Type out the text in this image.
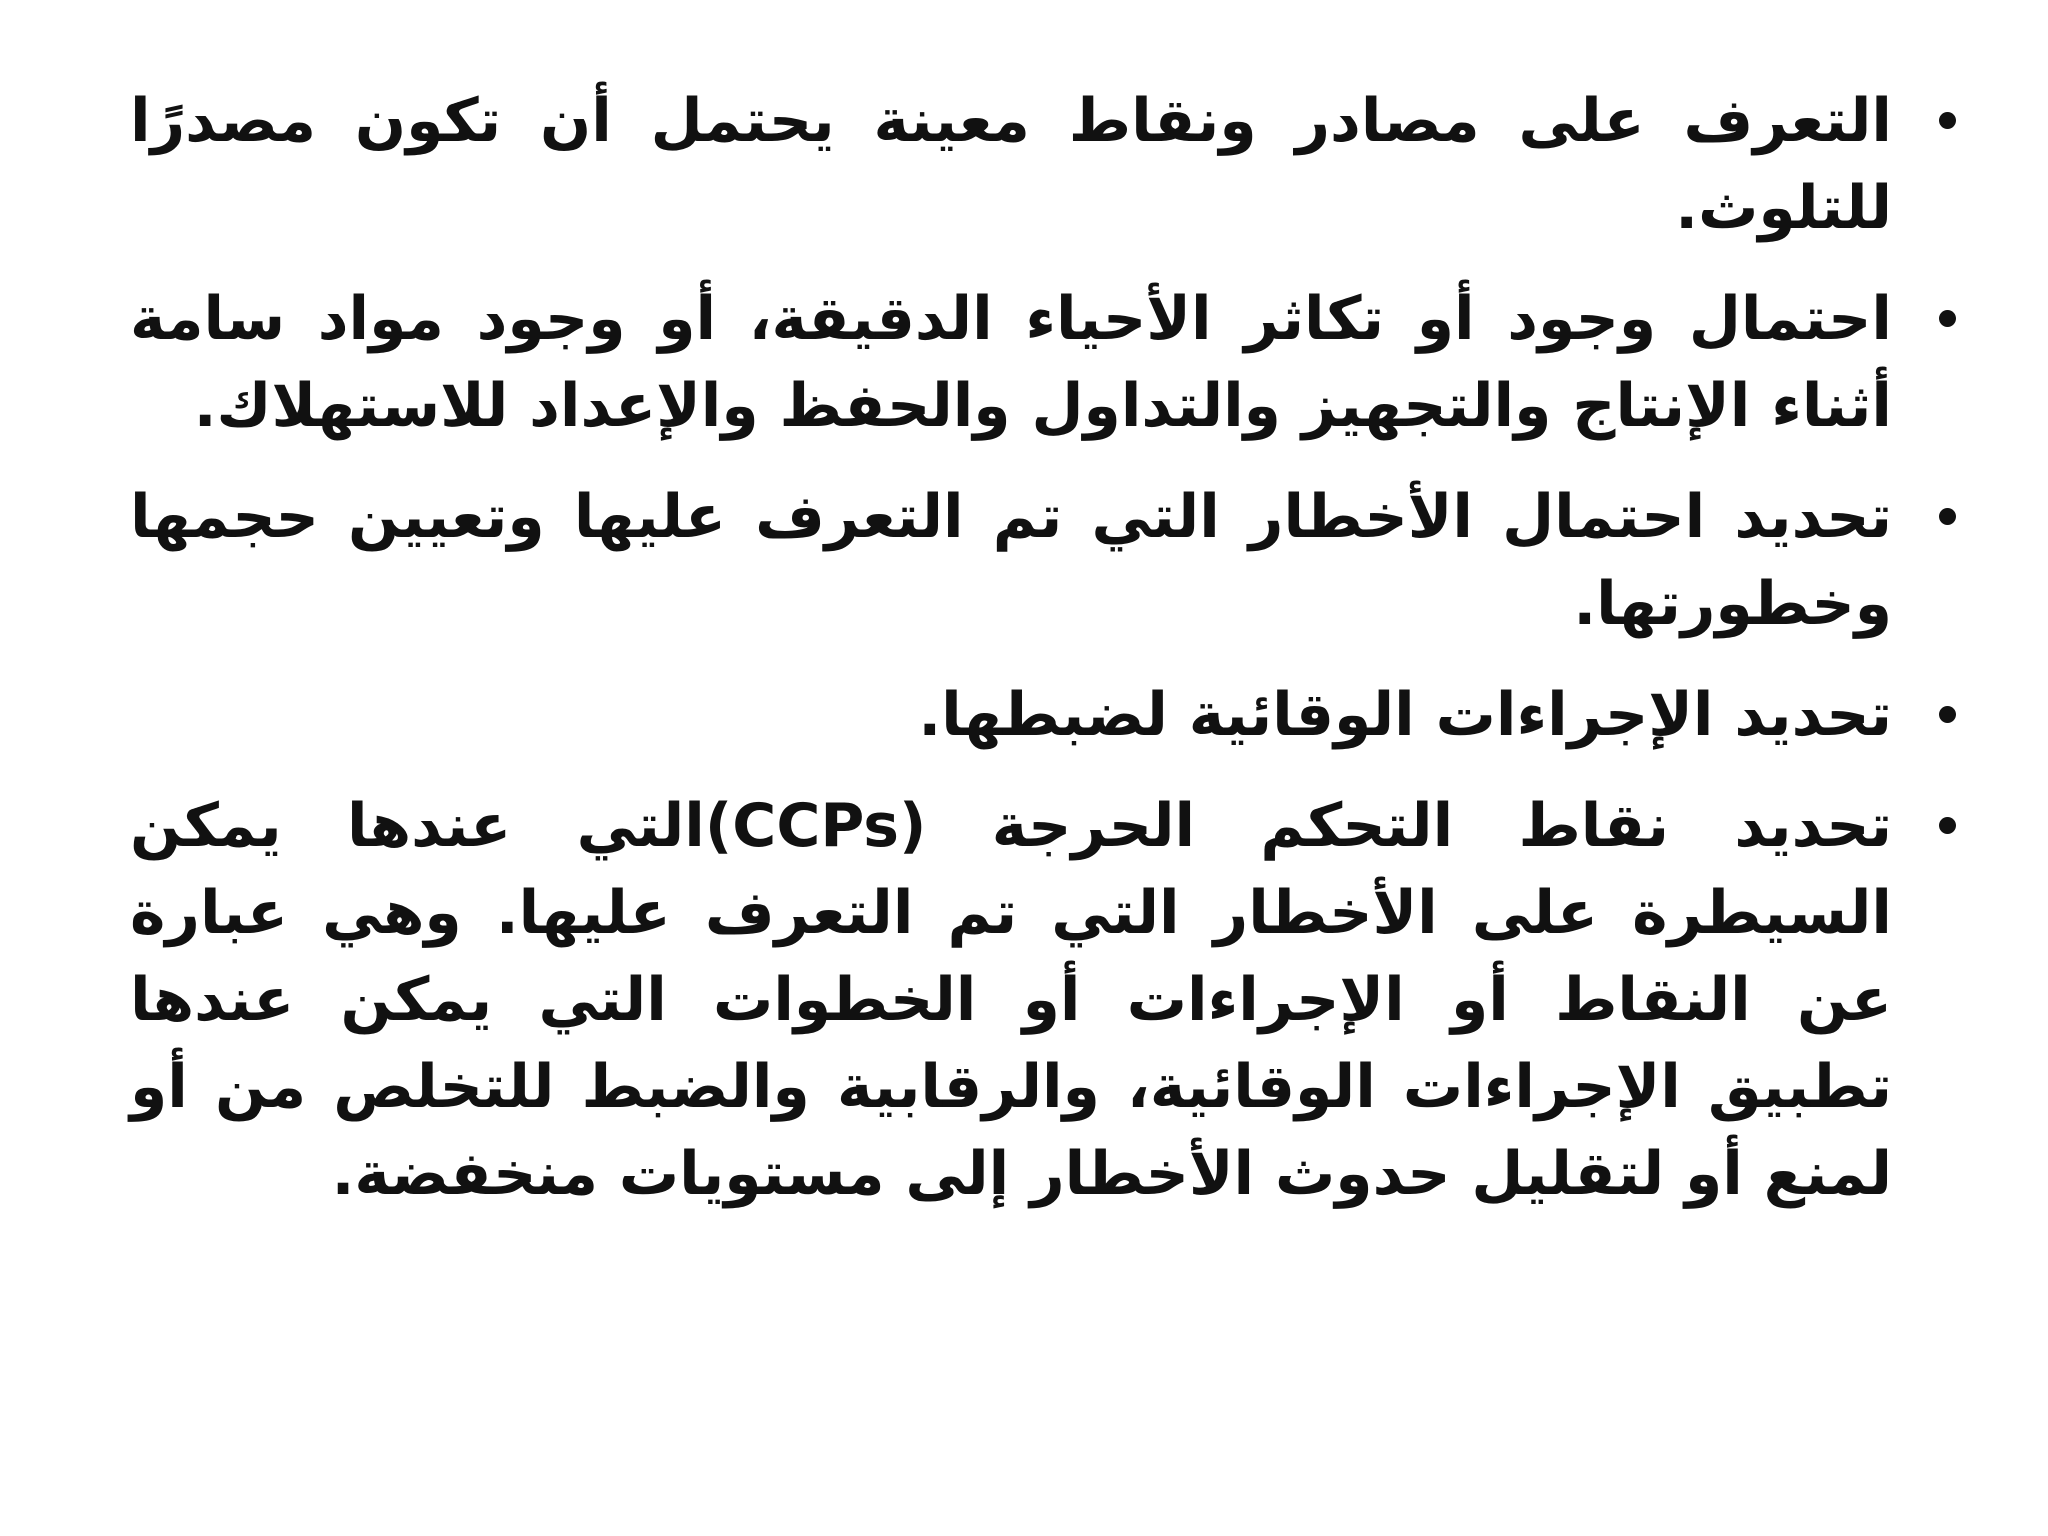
التعرف على مصادر ونقاط معينة يحتمل أن تكون مصدرًا للتلوث.
احتمال وجود أو تكاثر الأحياء الدقيقة، أو وجود مواد سامة أثناء الإنتاج والتجهيز والتداول والحفظ والإعداد للاستهلاك.
تحديد احتمال الأخطار التي تم التعرف عليها وتعيين حجمها وخطورتها.
تحديد الإجراءات الوقائية لضبطها.
تحديد نقاط التحكم الحرجة (CCPs)التي عندها يمكن السيطرة على الأخطار التي تم التعرف عليها. وهي عبارة عن النقاط أو الإجراءات أو الخطوات التي يمكن عندها تطبيق الإجراءات الوقائية، والرقابية والضبط للتخلص من أو لمنع أو لتقليل حدوث الأخطار إلى مستويات منخفضة.
